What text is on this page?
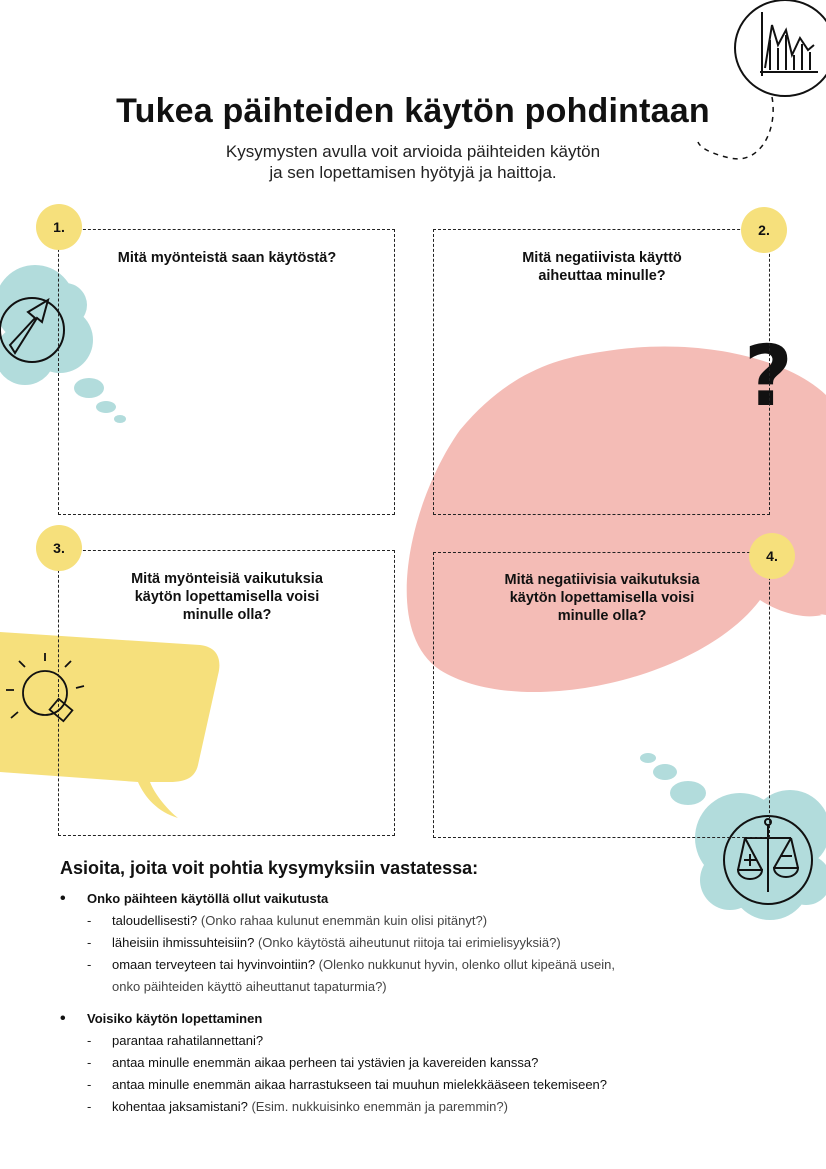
?
Tukea päihteiden käytön pohdintaan
Kysymysten avulla voit arvioida päihteiden käytön
ja sen lopettamisen hyötyjä ja haittoja.
1.
Mitä myönteistä saan käytöstä?
2.
Mitä negatiivista käyttö
aiheuttaa minulle?
3.
Mitä myönteisiä vaikutuksia
käytön lopettamisella voisi
minulle olla?
4.
Mitä negatiivisia vaikutuksia
käytön lopettamisella voisi
minulle olla?
Asioita, joita voit pohtia kysymyksiin vastatessa:
• Onko päihteen käytöllä ollut vaikutusta
- taloudellisesti? (Onko rahaa kulunut enemmän kuin olisi pitänyt?)
- läheisiin ihmissuhteisiin? (Onko käytöstä aiheutunut riitoja tai erimielisyyksiä?)
- omaan terveyteen tai hyvinvointiin? (Olenko nukkunut hyvin, olenko ollut kipeänä usein,
onko päihteiden käyttö aiheuttanut tapaturmia?)
• Voisiko käytön lopettaminen
- parantaa rahatilannettani?
- antaa minulle enemmän aikaa perheen tai ystävien ja kavereiden kanssa?
- antaa minulle enemmän aikaa harrastukseen tai muuhun mielekkääseen tekemiseen?
- kohentaa jaksamistani? (Esim. nukkuisinko enemmän ja paremmin?)
